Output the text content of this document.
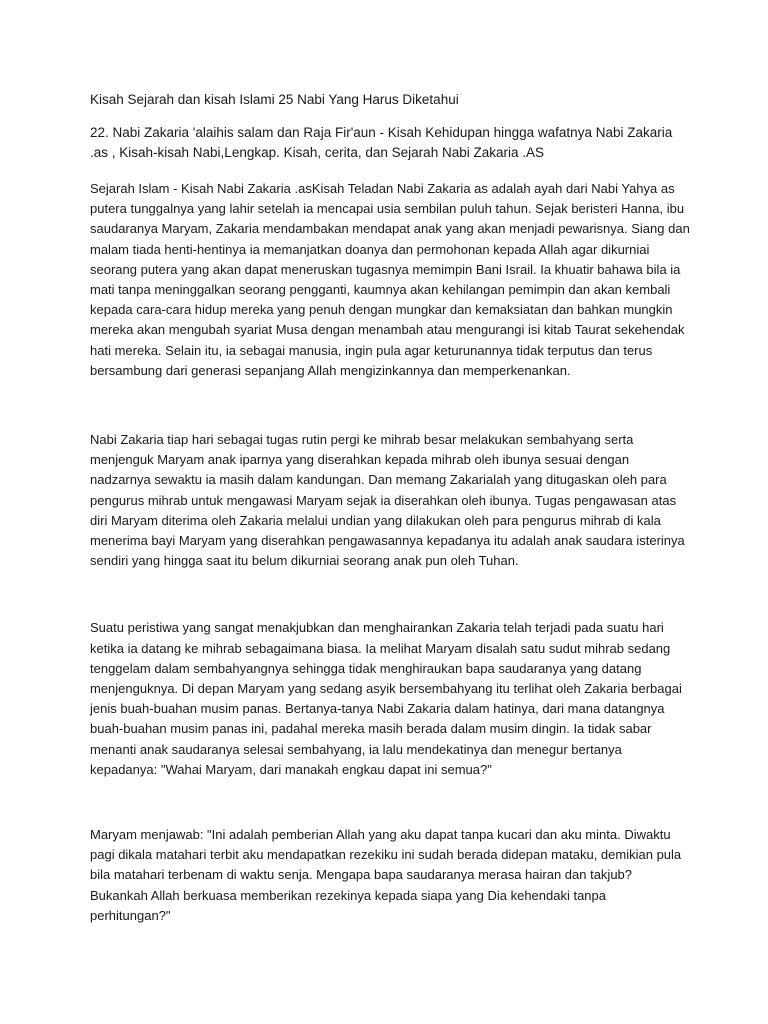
Kisah Sejarah dan kisah Islami 25 Nabi Yang Harus Diketahui

22. Nabi Zakaria 'alaihis salam dan Raja Fir'aun - Kisah Kehidupan hingga wafatnya Nabi Zakaria .as , Kisah-kisah Nabi,Lengkap. Kisah, cerita, dan Sejarah Nabi Zakaria .AS

Sejarah Islam - Kisah Nabi Zakaria .asKisah Teladan Nabi Zakaria as adalah ayah dari Nabi Yahya as putera tunggalnya yang lahir setelah ia mencapai usia sembilan puluh tahun. Sejak beristeri Hanna, ibu saudaranya Maryam, Zakaria mendambakan mendapat anak yang akan menjadi pewarisnya. Siang dan malam tiada henti-hentinya ia memanjatkan doanya dan permohonan kepada Allah agar dikurniai seorang putera yang akan dapat meneruskan tugasnya memimpin Bani Israil. Ia khuatir bahawa bila ia mati tanpa meninggalkan seorang pengganti, kaumnya akan kehilangan pemimpin dan akan kembali kepada cara-cara hidup mereka yang penuh dengan mungkar dan kemaksiatan dan bahkan mungkin mereka akan mengubah syariat Musa dengan menambah atau mengurangi isi kitab Taurat sekehendak hati mereka. Selain itu, ia sebagai manusia, ingin pula agar keturunannya tidak terputus dan terus bersambung dari generasi sepanjang Allah mengizinkannya dan memperkenankan.

Nabi Zakaria tiap hari sebagai tugas rutin pergi ke mihrab besar melakukan sembahyang serta menjenguk Maryam anak iparnya yang diserahkan kepada mihrab oleh ibunya sesuai dengan nadzarnya sewaktu ia masih dalam kandungan. Dan memang Zakarialah yang ditugaskan oleh para pengurus mihrab untuk mengawasi Maryam sejak ia diserahkan oleh ibunya. Tugas pengawasan atas diri Maryam diterima oleh Zakaria melalui undian yang dilakukan oleh para pengurus mihrab di kala menerima bayi Maryam yang diserahkan pengawasannya kepadanya itu adalah anak saudara isterinya sendiri yang hingga saat itu belum dikurniai seorang anak pun oleh Tuhan.

Suatu peristiwa yang sangat menakjubkan dan menghairankan Zakaria telah terjadi pada suatu hari ketika ia datang ke mihrab sebagaimana biasa. Ia melihat Maryam disalah satu sudut mihrab sedang tenggelam dalam sembahyangnya sehingga tidak menghiraukan bapa saudaranya yang datang menjenguknya. Di depan Maryam yang sedang asyik bersembahyang itu terlihat oleh Zakaria berbagai jenis buah-buahan musim panas. Bertanya-tanya Nabi Zakaria dalam hatinya, dari mana datangnya buah-buahan musim panas ini, padahal mereka masih berada dalam musim dingin. Ia tidak sabar menanti anak saudaranya selesai sembahyang, ia lalu mendekatinya dan menegur bertanya kepadanya: "Wahai Maryam, dari manakah engkau dapat ini semua?"

Maryam menjawab: "Ini adalah pemberian Allah yang aku dapat tanpa kucari dan aku minta. Diwaktu pagi dikala matahari terbit aku mendapatkan rezekiku ini sudah berada didepan mataku, demikian pula bila matahari terbenam di waktu senja. Mengapa bapa saudaranya merasa hairan dan takjub? Bukankah Allah berkuasa memberikan rezekinya kepada siapa yang Dia kehendaki tanpa perhitungan?"
